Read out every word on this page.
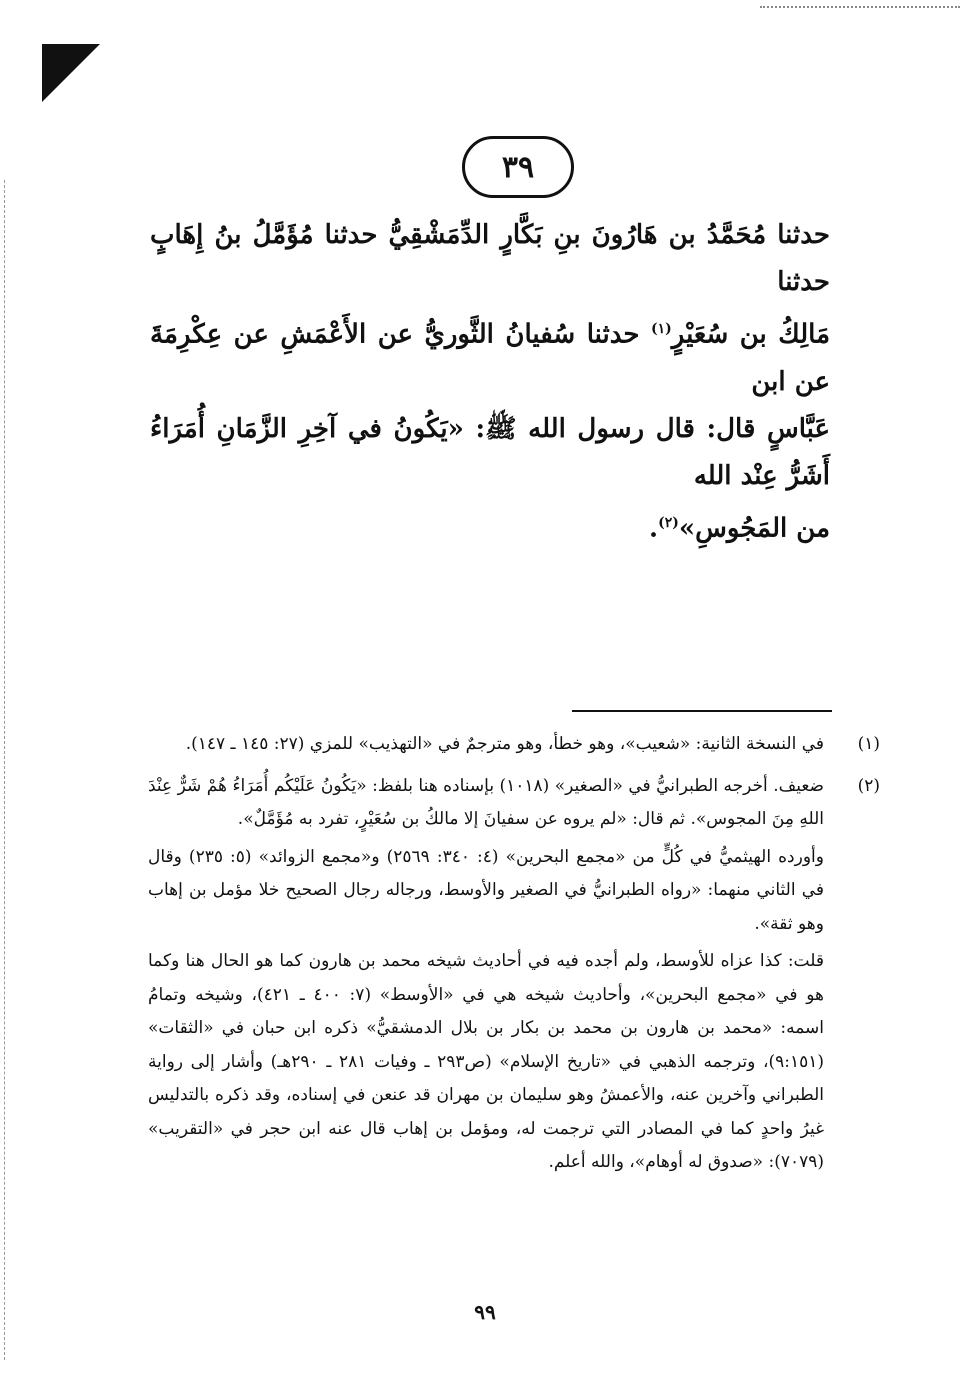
٣٩
حدثنا مُحَمَّدُ بن هَارُونَ بنِ بَكَّارٍ الدِّمَشْقِيُّ حدثنا مُؤَمَّلُ بنُ إِهَابٍ حدثنا
مَالِكُ بن سُعَيْرٍ$^{(١)}$ حدثنا سُفيانُ الثَّوريُّ عن الأَعْمَشِ عن عِكْرِمَةَ عن ابن
عَبَّاسٍ قال: قال رسول الله ﷺ: «يَكُونُ في آخِرِ الزَّمَانِ أُمَرَاءُ أَشَرُّ عِنْد الله
من المَجُوسِ»$^{(٢)}$.
(١)

في النسخة الثانية: «شعيب»، وهو خطأ، وهو مترجمٌ في «التهذيب» للمزي (٢٧: ١٤٥ ـ ١٤٧).

(٢)

ضعيف. أخرجه الطبرانيُّ في «الصغير» (١٠١٨) بإسناده هنا بلفظ: «يَكُونُ عَلَيْكُم أُمَرَاءُ هُمْ شَرٌّ عِنْدَ اللهِ مِنَ المجوس». ثم قال: «لم يروه عن سفيانَ إلا مالكُ بن سُعَيْرٍ، تفرد به مُؤَمَّلٌ».

وأورده الهيثميُّ في كُلٍّ من «مجمع البحرين» (٤: ٣٤٠: ٢٥٦٩) و«مجمع الزوائد» (٥: ٢٣٥) وقال في الثاني منهما: «رواه الطبرانيُّ في الصغير والأوسط، ورجاله رجال الصحيح خلا مؤمل بن إهاب وهو ثقة».

قلت: كذا عزاه للأوسط، ولم أجده فيه في أحاديث شيخه محمد بن هارون كما هو الحال هنا وكما هو في «مجمع البحرين»، وأحاديث شيخه هي في «الأوسط» (٧: ٤٠٠ ـ ٤٢١)، وشيخه وتمامُ اسمه: «محمد بن هارون بن محمد بن بكار بن بلال الدمشقيُّ» ذكره ابن حبان في «الثقات» (٩:١٥١)، وترجمه الذهبي في «تاريخ الإسلام» (ص٢٩٣ ـ وفيات ٢٨١ ـ ٢٩٠هـ) وأشار إلى رواية الطبراني وآخرين عنه، والأعمشُ وهو سليمان بن مهران قد عنعن في إسناده، وقد ذكره بالتدليس غيرُ واحدٍ كما في المصادر التي ترجمت له، ومؤمل بن إهاب قال عنه ابن حجر في «التقريب» (٧٠٧٩): «صدوق له أوهام»، والله أعلم.

٩٩
